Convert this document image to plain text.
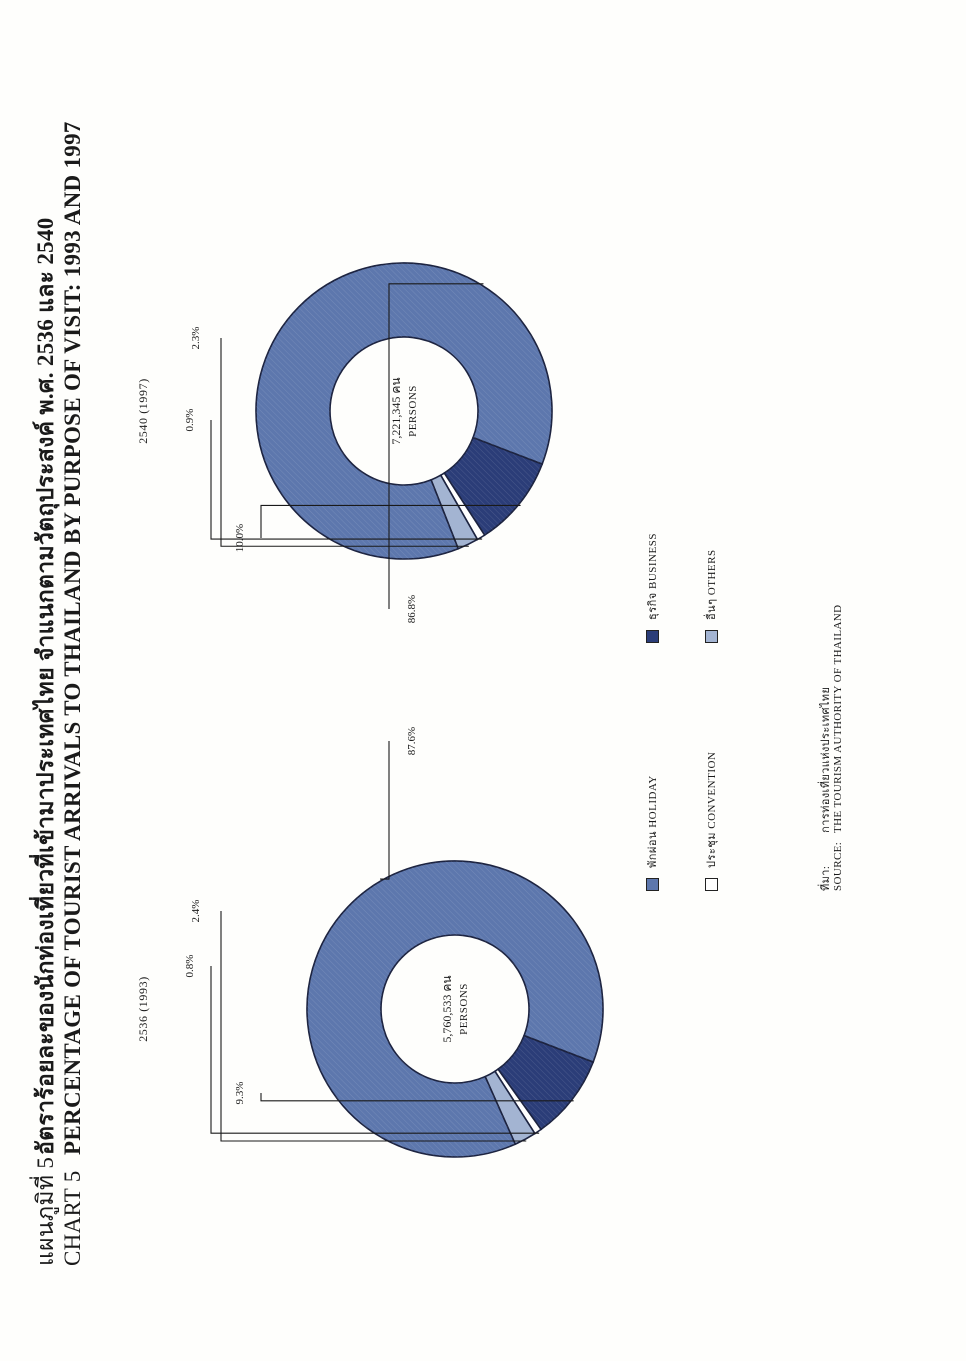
แผนภูมิที่ 5 อัตราร้อยละของนักท่องเที่ยวที่เข้ามาประเทศไทย จำแนกตามวัตถุประสงค์ พ.ศ. 2536 และ 2540
CHART 5 PERCENTAGE OF TOURIST ARRIVALS TO THAILAND BY PURPOSE OF VISIT: 1993 AND 1997	2536 (1993)	5,760,533 คน PERSONS
9.3%
0.8%
2.4%
87.6%
2540 (1997)	7,221,345 คน PERSONS
10.0%
0.9%
2.3%
86.8%
พักผ่อน HOLIDAY
ธุรกิจ BUSINESS
ประชุม CONVENTION
อื่นๆ OTHERS
ที่มา: การท่องเที่ยวแห่งประเทศไทย
SOURCE: THE TOURISM AUTHORITY OF THAILAND
